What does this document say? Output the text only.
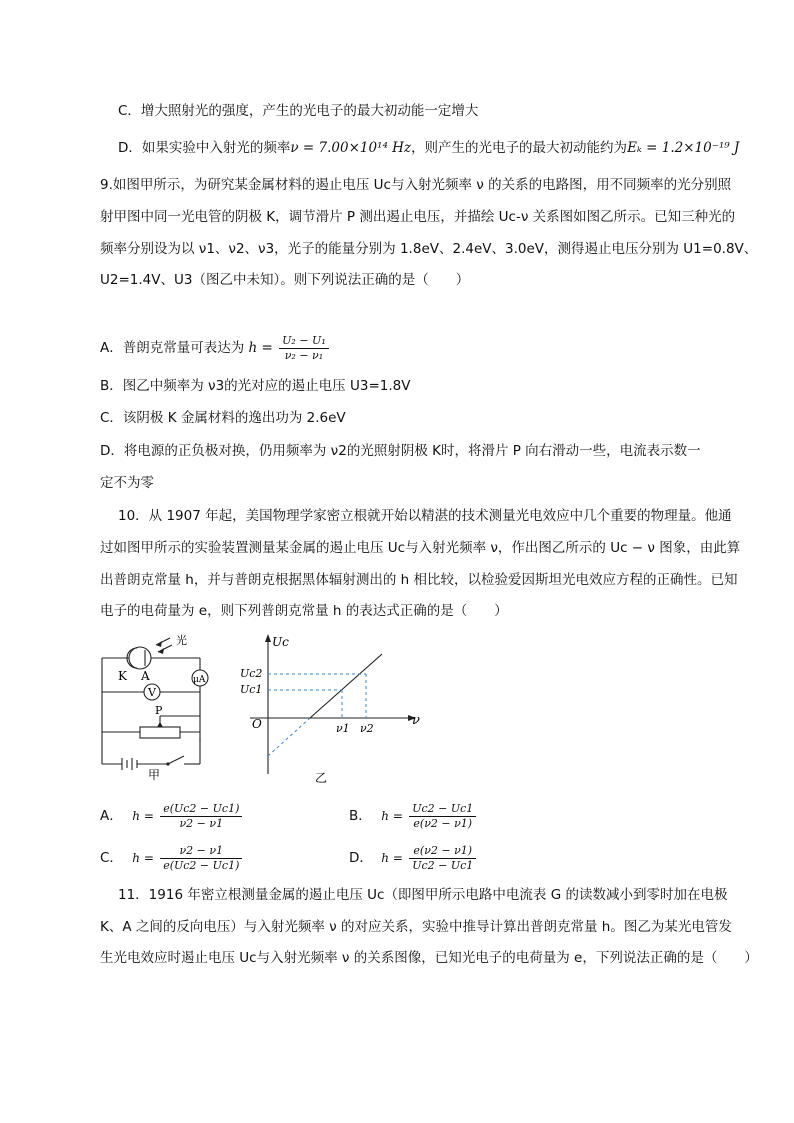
C．增大照射光的强度，产生的光电子的最大初动能一定增大
D．如果实验中入射光的频率ν = 7.00×10¹⁴ Hz，则产生的光电子的最大初动能约为Eₖ = 1.2×10⁻¹⁹ J
9.如图甲所示，为研究某金属材料的遏止电压 Uc与入射光频率 ν 的关系的电路图，用不同频率的光分别照
射甲图中同一光电管的阴极 K，调节滑片 P 测出遏止电压，并描绘 Uc-ν 关系图如图乙所示。已知三种光的
频率分别设为以 ν1、ν2、ν3，光子的能量分别为 1.8eV、2.4eV、3.0eV，测得遏止电压分别为 U1=0.8V、
U2=1.4V、U3（图乙中未知）。则下列说法正确的是（　　）
A．普朗克常量可表达为 $h = \frac{\text{U₂ − U₁}}{\text{ν₂ − ν₁}}$
B．图乙中频率为 ν3的光对应的遏止电压 U3=1.8V
C．该阴极 K 金属材料的逸出功为 2.6eV
D．将电源的正负极对换，仍用频率为 ν2的光照射阴极 K时，将滑片 P 向右滑动一些，电流表示数一
定不为零
10．从 1907 年起，美国物理学家密立根就开始以精湛的技术测量光电效应中几个重要的物理量。他通
过如图甲所示的实验装置测量某金属的遏止电压 Uc与入射光频率 ν，作出图乙所示的 Uc − ν 图象，由此算
出普朗克常量 h，并与普朗克根据黑体辐射测出的 h 相比较，以检验爱因斯坦光电效应方程的正确性。已知
电子的电荷量为 e，则下列普朗克常量 h 的表达式正确的是（　　）
光
K A	μA
V
P
甲
Uc
Uc2
Uc1
O	ν1 ν2
ν
乙
A． $h = \frac{e(Uc2 - Uc1)}{\nu 2 - \nu 1}$	B． $h = \frac{Uc2 - Uc1}{e(\nu 2 - \nu 1)}$
C． $h = \frac{\nu 2 - \nu 1}{e(Uc2 - Uc1)}$	D． $h = \frac{e(\nu 2 - \nu 1)}{Uc2 - Uc1}$
11．1916 年密立根测量金属的遏止电压 Uc（即图甲所示电路中电流表 G 的读数减小到零时加在电极
K、A 之间的反向电压）与入射光频率 ν 的对应关系，实验中推导计算出普朗克常量 h。图乙为某光电管发
生光电效应时遏止电压 Uc与入射光频率 ν 的关系图像，已知光电子的电荷量为 e，下列说法正确的是（　　）
